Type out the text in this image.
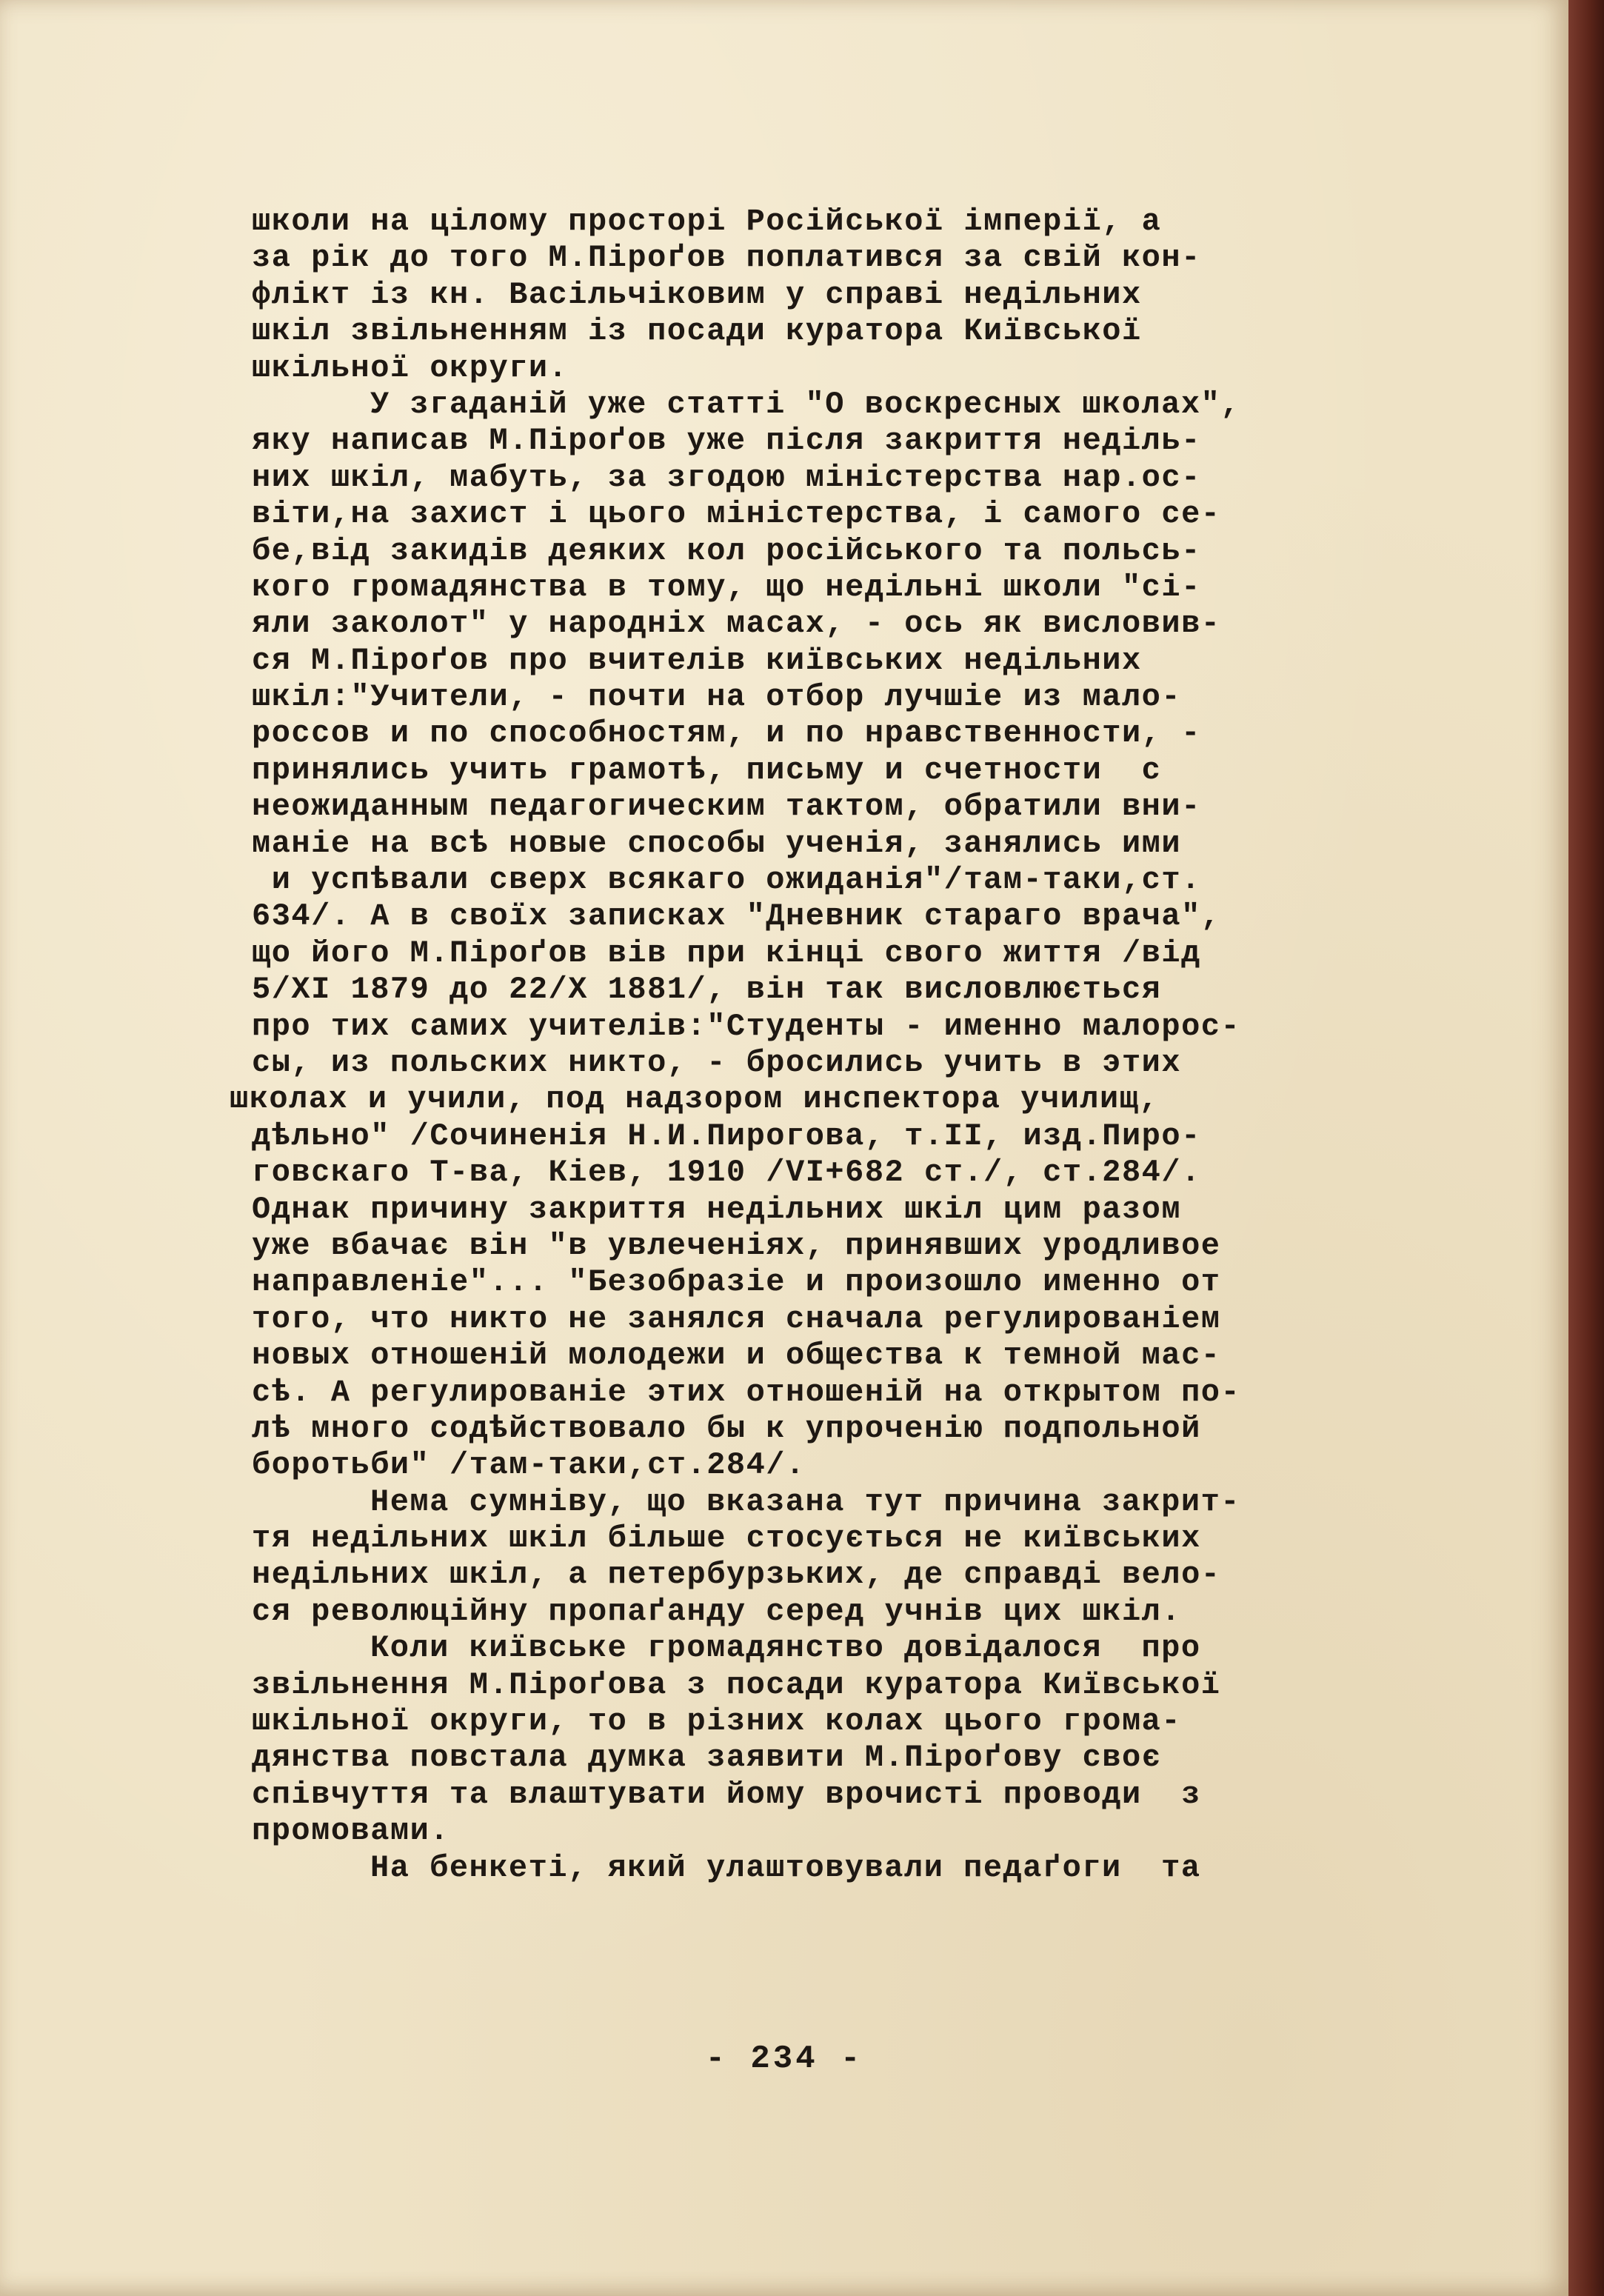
школи на цілому просторі Російської імперії, а
за рік до того М.Піроґов поплатився за свій кон-
флікт із кн. Васільчіковим у справі недільних
шкіл звільненням із посади куратора Київської
шкільної округи.
У згаданій уже статті "О воскресных школах",
яку написав М.Піроґов уже після закриття неділь-
них шкіл, мабуть, за згодою міністерства нар.ос-
віти,на захист і цього міністерства, і самого се-
бе,від закидів деяких кол російського та польсь-
кого громадянства в тому, що недільні школи "сі-
яли заколот" у народніх масах, - ось як висловив-
ся М.Піроґов про вчителів київських недільних
шкіл:"Учители, - почти на отбор лучшіе из мало-
россов и по способностям, и по нравственности, -
принялись учить грамотѣ, письму и счетности  с
неожиданным педагогическим тактом, обратили вни-
маніе на всѣ новые способы ученія, занялись ими
и успѣвали сверх всякаго ожиданія"/там-таки,ст.
634/. А в своїх записках "Дневник стараго врача",
що його М.Піроґов вів при кінці свого життя /від
5/XI 1879 до 22/X 1881/, він так висловлюється
про тих самих учителів:"Студенты - именно малорос-
сы, из польских никто, - бросились учить в этих
школах и учили, под надзором инспектора училищ,
дѣльно" /Сочиненія Н.И.Пирогова, т.II, изд.Пиро-
говскаго Т-ва, Кіев, 1910 /VI+682 ст./, ст.284/.
Однак причину закриття недільних шкіл цим разом
уже вбачає він "в увлеченіях, принявших уродливое
направленіе"... "Безобразіе и произошло именно от
того, что никто не занялся сначала регулированіем
новых отношеній молодежи и общества к темной мас-
сѣ. А регулированіе этих отношеній на открытом по-
лѣ много содѣйствовало бы к упроченію подпольной
боротьби" /там-таки,ст.284/.
Нема сумніву, що вказана тут причина закрит-
тя недільних шкіл більше стосується не київських
недільних шкіл, а петербурзьких, де справді вело-
ся революційну пропаґанду серед учнів цих шкіл.
Коли київське громадянство довідалося  про
звільнення М.Піроґова з посади куратора Київської
шкільної округи, то в різних колах цього грома-
дянства повстала думка заявити М.Піроґову своє
співчуття та влаштувати йому врочисті проводи  з
промовами.
На бенкеті, який улаштовували педаґоги  та
- 234 -
